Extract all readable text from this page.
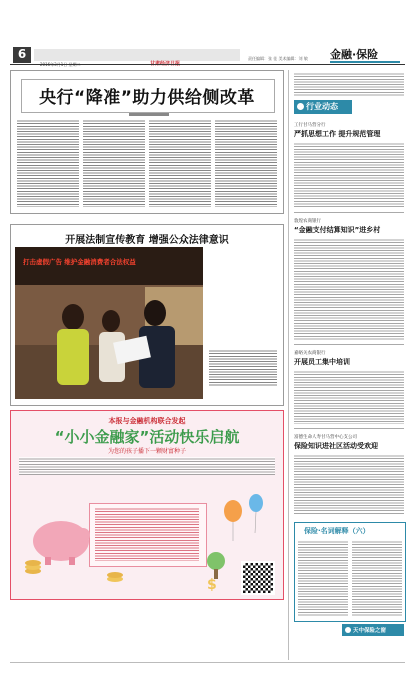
6	责任编辑：张 佳 美术编辑：刘 敏 金融·保险
央行“降准”助力供给侧改革
开展法制宣传教育 增强公众法律意识
打击虚假广告 维护金融消费者合法权益
本报与金融机构联合发起
“小小金融家”活动快乐启航
为您的孩子播下一颗财富种子
$
行业动态
工行甘马营分行
严抓思想工作 提升规范管理
敦煌农商银行
“金融支付结算知识”进乡村
嘉峪关农商银行
开展员工集中培训
富德生命人寿甘马营中心支公司
保险知识进社区活动受欢迎
保险·名词解释（六）
天中保险之窗
